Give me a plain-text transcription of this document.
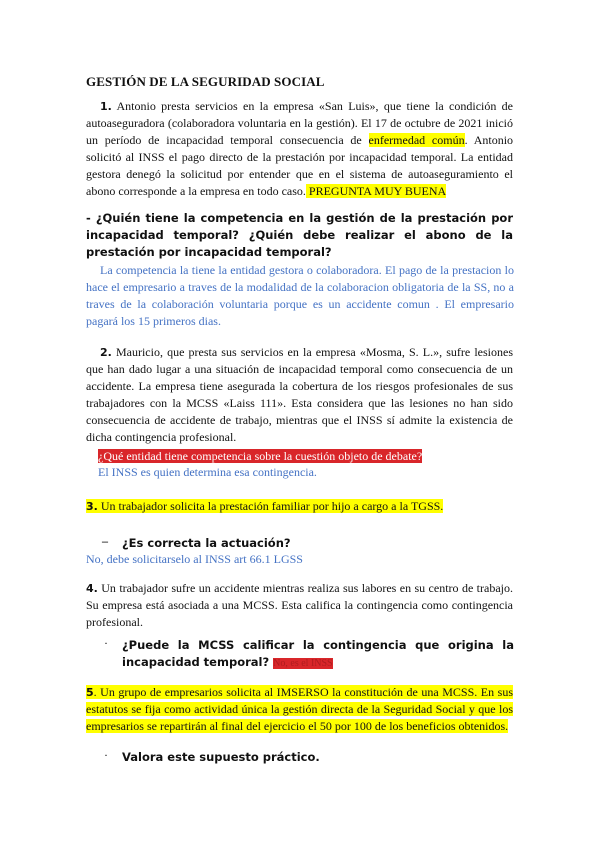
GESTIÓN DE LA SEGURIDAD SOCIAL
1. Antonio presta servicios en la empresa «San Luis», que tiene la condición de autoaseguradora (colaboradora voluntaria en la gestión). El 17 de octubre de 2021 inició un período de incapacidad temporal consecuencia de enfermedad común. Antonio solicitó al INSS el pago directo de la prestación por incapacidad temporal. La entidad gestora denegó la solicitud por entender que en el sistema de autoaseguramiento el abono corresponde a la empresa en todo caso. PREGUNTA MUY BUENA
- ¿Quién tiene la competencia en la gestión de la prestación por incapacidad temporal? ¿Quién debe realizar el abono de la prestación por incapacidad temporal?
La competencia la tiene la entidad gestora o colaboradora. El pago de la prestacion lo hace el empresario a traves de la modalidad de la colaboracion obligatoria de la SS, no a traves de la colaboración voluntaria porque es un accidente comun . El empresario pagará los 15 primeros dias.
2. Mauricio, que presta sus servicios en la empresa «Mosma, S. L.», sufre lesiones que han dado lugar a una situación de incapacidad temporal como consecuencia de un accidente. La empresa tiene asegurada la cobertura de los riesgos profesionales de sus trabajadores con la MCSS «Laiss 111». Esta considera que las lesiones no han sido consecuencia de accidente de trabajo, mientras que el INSS sí admite la existencia de dicha contingencia profesional.
¿Qué entidad tiene competencia sobre la cuestión objeto de debate?
El INSS es quien determina esa contingencia.
3. Un trabajador solicita la prestación familiar por hijo a cargo a la TGSS.
– ¿Es correcta la actuación?
No, debe solicitarselo al INSS art 66.1 LGSS
4. Un trabajador sufre un accidente mientras realiza sus labores en su centro de trabajo. Su empresa está asociada a una MCSS. Esta califica la contingencia como contingencia profesional.
· ¿Puede la MCSS calificar la contingencia que origina la incapacidad temporal? No, es el INSS
5. Un grupo de empresarios solicita al IMSERSO la constitución de una MCSS. En sus estatutos se fija como actividad única la gestión directa de la Seguridad Social y que los empresarios se repartirán al final del ejercicio el 50 por 100 de los beneficios obtenidos.
· Valora este supuesto práctico.
